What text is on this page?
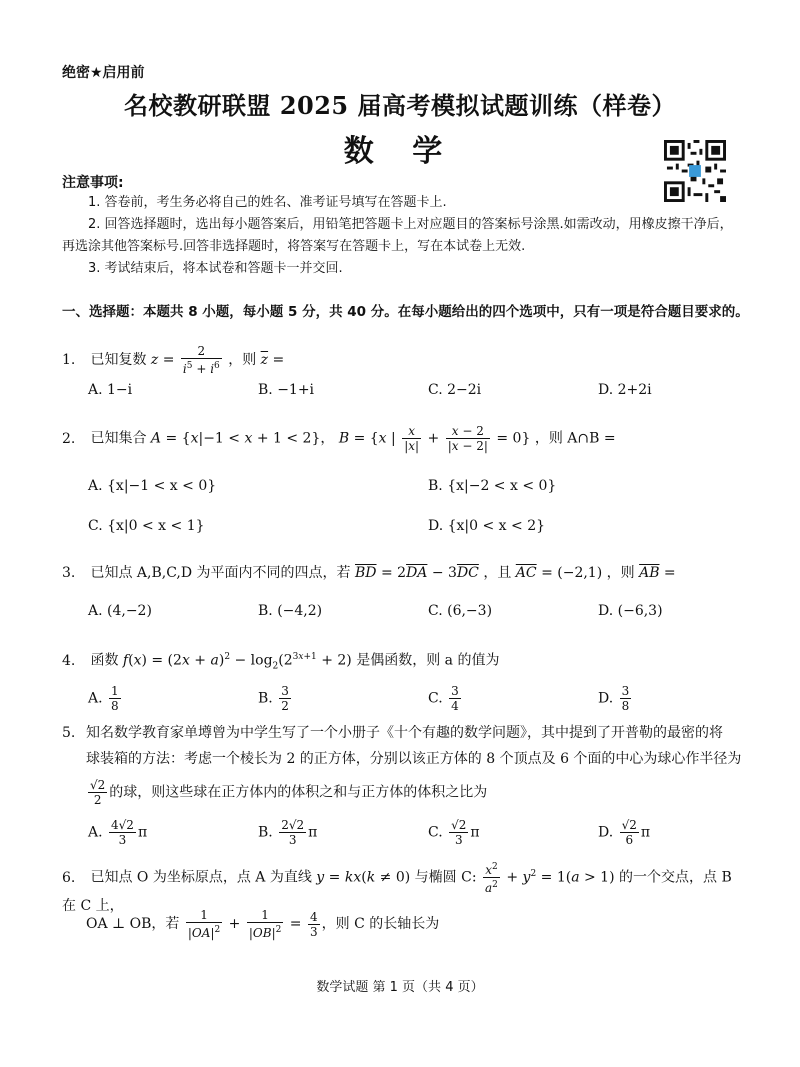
绝密★启用前
名校教研联盟 2025 届高考模拟试题训练（样卷）
数 学
注意事项:
1. 答卷前，考生务必将自己的姓名、准考证号填写在答题卡上.
2. 回答选择题时，选出每小题答案后，用铅笔把答题卡上对应题目的答案标号涂黑.如需改动，用橡皮擦干净后，再选涂其他答案标号.回答非选择题时，将答案写在答题卡上，写在本试卷上无效.
3. 考试结束后，将本试卷和答题卡一并交回.
一、选择题：本题共 8 小题，每小题 5 分，共 40 分。在每小题给出的四个选项中，只有一项是符合题目要求的。
1. 已知复数 $z = \frac{2}{i^5 + i^6}$ ，则 $\overline{z}$ =
A. 1−i	B. −1+i	C. 2−2i	D. 2+2i
2. 已知集合 A = {x|−1 < x + 1 < 2}， B = {x | $\frac{x}{|x|} + \frac{x - 2}{|x - 2|} = 0$} ，则 A∩B =
A. {x|−1 < x < 0}	B. {x|−2 < x < 0}
C. {x|0 < x < 1}	D. {x|0 < x < 2}
3. 已知点 A,B,C,D 为平面内不同的四点，若 $\overline{BD} = 2\overline{DA} - 3\overline{DC}$ ，且 $\overline{AC} = (-2,1)$ ，则 $\overline{AB}$ =
A. (4,−2)	B. (−4,2)	C. (6,−3)	D. (−6,3)
4. 函数 $f(x) = (2x + a)^2 - \log_2(2^{3x+1} + 2)$ 是偶函数，则 a 的值为
A. $\frac{1}{8}$	B. $\frac{3}{2}$	C. $\frac{3}{4}$	D. $\frac{3}{8}$
5. 知名数学教育家单墫曾为中学生写了一个小册子《十个有趣的数学问题》，其中提到了开普勒的最密的将
球装箱的方法：考虑一个棱长为 2 的正方体，分别以该正方体的 8 个顶点及 6 个面的中心为球心作半径为
$\frac{√2}{2}$ 的球，则这些球在正方体内的体积之和与正方体的体积之比为
A. $\frac{4√2}{3}$ π	B. $\frac{2√2}{3}$ π	C. $\frac{√2}{3}$ π	D. $\frac{√2}{6}$ π
6. 已知点 O 为坐标原点，点 A 为直线 y = kx(k ≠ 0) 与椭圆 C: $\frac{x^2}{a^2} + y^2 = 1(a > 1)$ 的一个交点，点 B 在 C 上，
OA ⊥ OB，若 $\frac{1}{|OA|^2} + \frac{1}{|OB|^2} = \frac{4}{3}$ ，则 C 的长轴长为
数学试题 第 1 页（共 4 页）
